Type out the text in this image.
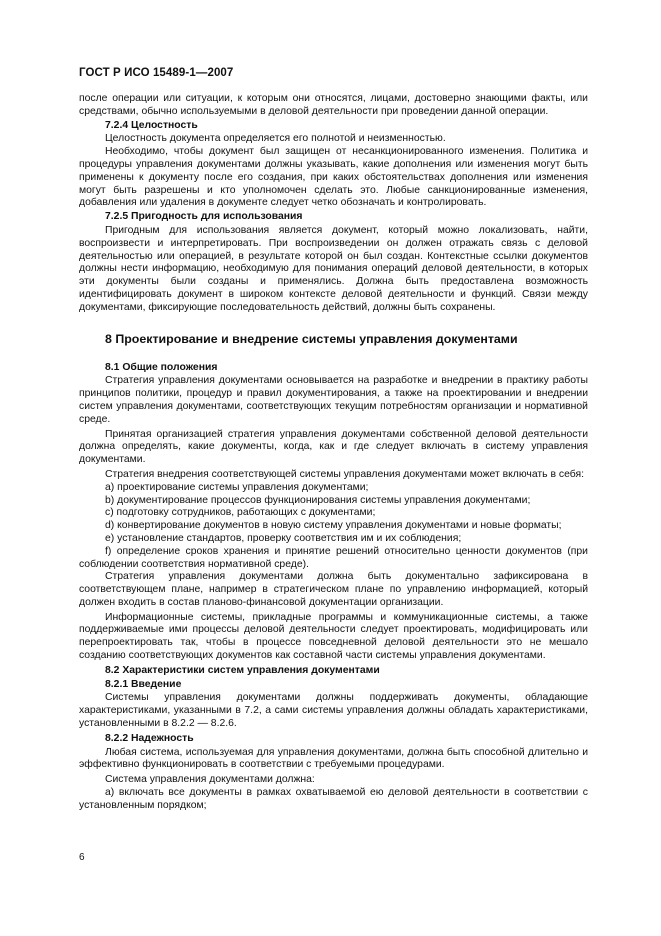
ГОСТ Р ИСО 15489-1—2007

после операции или ситуации, к которым они относятся, лицами, достоверно знающими факты, или средствами, обычно используемыми в деловой деятельности при проведении данной операции.

7.2.4 Целостность

Целостность документа определяется его полнотой и неизменностью.

Необходимо, чтобы документ был защищен от несанкционированного изменения. Политика и процедуры управления документами должны указывать, какие дополнения или изменения могут быть применены к документу после его создания, при каких обстоятельствах дополнения или изменения могут быть разрешены и кто уполномочен сделать это. Любые санкционированные изменения, добавления или удаления в документе следует четко обозначать и контролировать.

7.2.5 Пригодность для использования

Пригодным для использования является документ, который можно локализовать, найти, воспроизвести и интерпретировать. При воспроизведении он должен отражать связь с деловой деятельностью или операцией, в результате которой он был создан. Контекстные ссылки документов должны нести информацию, необходимую для понимания операций деловой деятельности, в которых эти документы были созданы и применялись. Должна быть предоставлена возможность идентифицировать документ в широком контексте деловой деятельности и функций. Связи между документами, фиксирующие последовательность действий, должны быть сохранены.

8 Проектирование и внедрение системы управления документами

8.1 Общие положения

Стратегия управления документами основывается на разработке и внедрении в практику работы принципов политики, процедур и правил документирования, а также на проектировании и внедрении систем управления документами, соответствующих текущим потребностям организации и нормативной среде.

Принятая организацией стратегия управления документами собственной деловой деятельности должна определять, какие документы, когда, как и где следует включать в систему управления документами.

Стратегия внедрения соответствующей системы управления документами может включать в себя:

a) проектирование системы управления документами;

b) документирование процессов функционирования системы управления документами;

c) подготовку сотрудников, работающих с документами;

d) конвертирование документов в новую систему управления документами и новые форматы;

e) установление стандартов, проверку соответствия им и их соблюдения;

f) определение сроков хранения и принятие решений относительно ценности документов (при соблюдении соответствия нормативной среде).

Стратегия управления документами должна быть документально зафиксирована в соответствующем плане, например в стратегическом плане по управлению информацией, который должен входить в состав планово-финансовой документации организации.

Информационные системы, прикладные программы и коммуникационные системы, а также поддерживаемые ими процессы деловой деятельности следует проектировать, модифицировать или перепроектировать так, чтобы в процессе повседневной деловой деятельности это не мешало созданию соответствующих документов как составной части системы управления документами.

8.2 Характеристики систем управления документами

8.2.1 Введение

Системы управления документами должны поддерживать документы, обладающие характеристиками, указанными в 7.2, а сами системы управления должны обладать характеристиками, установленными в 8.2.2 — 8.2.6.

8.2.2 Надежность

Любая система, используемая для управления документами, должна быть способной длительно и эффективно функционировать в соответствии с требуемыми процедурами.

Система управления документами должна:

a) включать все документы в рамках охватываемой ею деловой деятельности в соответствии с установленным порядком;

6
